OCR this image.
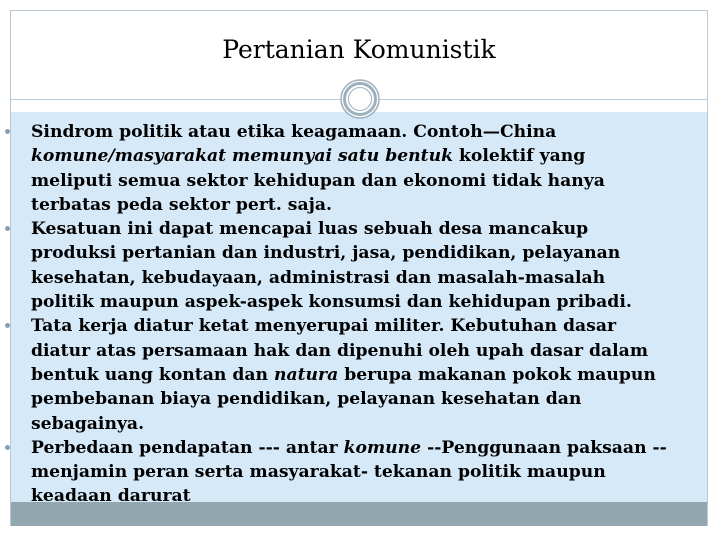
Pertanian Komunistik
Sindrom politik atau etika keagamaan. Contoh—China
komune/masyarakat memunyai satu bentuk kolektif yang
meliputi semua sektor kehidupan dan ekonomi tidak hanya
terbatas peda sektor pert. saja.
Kesatuan ini dapat mencapai luas sebuah desa mancakup
produksi pertanian dan industri, jasa, pendidikan, pelayanan
kesehatan, kebudayaan, administrasi dan masalah-masalah
politik maupun aspek-aspek konsumsi dan kehidupan pribadi.
Tata kerja diatur ketat menyerupai militer. Kebutuhan dasar
diatur atas persamaan hak dan dipenuhi oleh upah dasar dalam
bentuk uang kontan dan natura berupa makanan pokok maupun
pembebanan biaya pendidikan, pelayanan kesehatan dan
sebagainya.
Perbedaan pendapatan --- antar komune --Penggunaan paksaan --
menjamin peran serta masyarakat- tekanan politik maupun
keadaan darurat
